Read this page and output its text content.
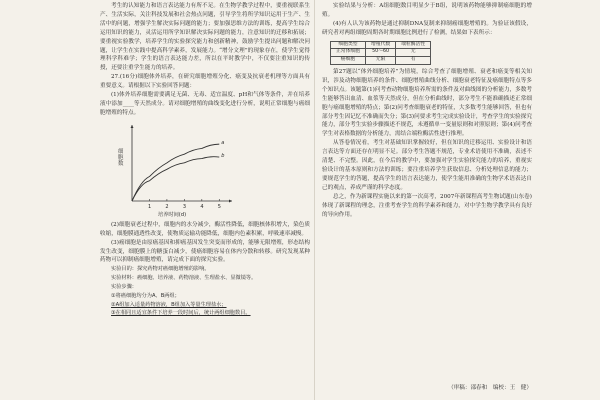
考生的认知能力和语言表达能力有所不足。在生物学教学过程中，要重视联系生产、生活实际，关注科技发展和社会热点问题，引导学生将所学知识运用于生产、生活中的问题，增强学生解决实际问题的能力；要加强思维方法的训练，提高学生综合运用知识的能力，灵活运用所学知识解决实际问题的能力，注意知识的迁移和拓展；要重视实验教学，培养学生的实验探究能力和创新精神，鼓励学生提出问题和解决问题，让学生在实践中提高科学素养，发展能力。“增分文理”的现象存在，使学生觉得理科学科难学；学生的语言表达能力差，所以在平时教学中，不仅要注重知识的传授，还要注重学生能力的培养。

27.(16分)细胞体外培养，在研究细胞增殖分化、癌变及抗衰老机理等方面具有重要意义。请根据以下实验回答问题：

(1)体外培养细胞需要满足无菌、无毒、适宜温度、pH和气体等条件，并在培养液中添加____等天然成分。请对细胞增殖的曲线变化进行分析，说明正常细胞与癌细胞增殖的特点。

细胞数
1	2	3	4	5
培养时间(d)
a
b

(2)细胞衰老过程中，细胞内的水分减少，酶活性降低，细胞核体积增大，染色质收缩，细胞膜通透性改变，使物质运输功能降低，细胞内色素积累，呼吸速率减慢。

(3)癌细胞是由原癌基因和抑癌基因发生突变而形成的，能够无限增殖，形态结构发生改变，细胞膜上的糖蛋白减少，使癌细胞容易在体内分散和转移。研究发现某种药物可以抑制癌细胞增殖，请完成下面的探究实验。

实验目的：探究药物对癌细胞增殖的影响。

实验材料：癌细胞、培养液、药物溶液、生理盐水、显微镜等。

实验步骤：

①将癌细胞均分为A、B两组；

②A组加入适量药物溶液，B组加入等量生理盐水；

③在相同且适宜条件下培养一段时间后，统计两组细胞数目。

实验结果与分析：A组细胞数目明显少于B组，说明该药物能够抑制癌细胞的增殖。

(4)有人认为该药物是通过抑制DNA复制来抑制癌细胞增殖的。为验证该假设，研究者对两组细胞周期各时期细胞比例进行了检测，结果如下表所示：

细胞类型	增殖代数	端粒酶活性
正常体细胞	50～60	无
癌细胞	无限	有

第27题以“体外细胞培养”为情境，综合考查了细胞增殖、衰老和癌变等相关知识，涉及动物细胞培养的条件、细胞增殖曲线分析、细胞衰老特征及癌细胞特点等多个知识点。该题第(1)问考查动物细胞培养所需的条件及对曲线图的分析能力，多数考生能够答出血清、血浆等天然成分，但在分析曲线时，部分考生不能准确描述正常细胞与癌细胞增殖的特点；第(2)问考查细胞衰老的特征，大多数考生能够回答，但也有部分考生因记忆不准确而失分；第(3)问要求考生完成实验设计，考查学生的实验探究能力，部分考生实验步骤描述不规范，未遵循单一变量原则和对照原则；第(4)问考查学生对表格数据的分析能力，需结合端粒酶活性进行推理。

从答卷情况看，考生对基础知识掌握较好，但在知识的迁移运用、实验设计和语言表达等方面还存在明显不足。部分考生答题不规范，专业术语使用不准确，表述不清楚、不完整。因此，在今后的教学中，要加强对学生实验探究能力的培养，重视实验设计的基本原则和方法的训练；要注重培养学生获取信息、分析处理信息的能力；要规范学生的答题，提高学生的语言表达能力，使学生能用准确的生物学术语表达自己的观点，养成严谨的科学态度。

总之，作为新课程实施以来的第一次高考，2007年新课程高考生物试题(山东卷)体现了新课程的理念，注重考查学生的科学素养和能力，对中学生物学教学具有良好的导向作用。

（审稿：邵春和　编校：王　健）
